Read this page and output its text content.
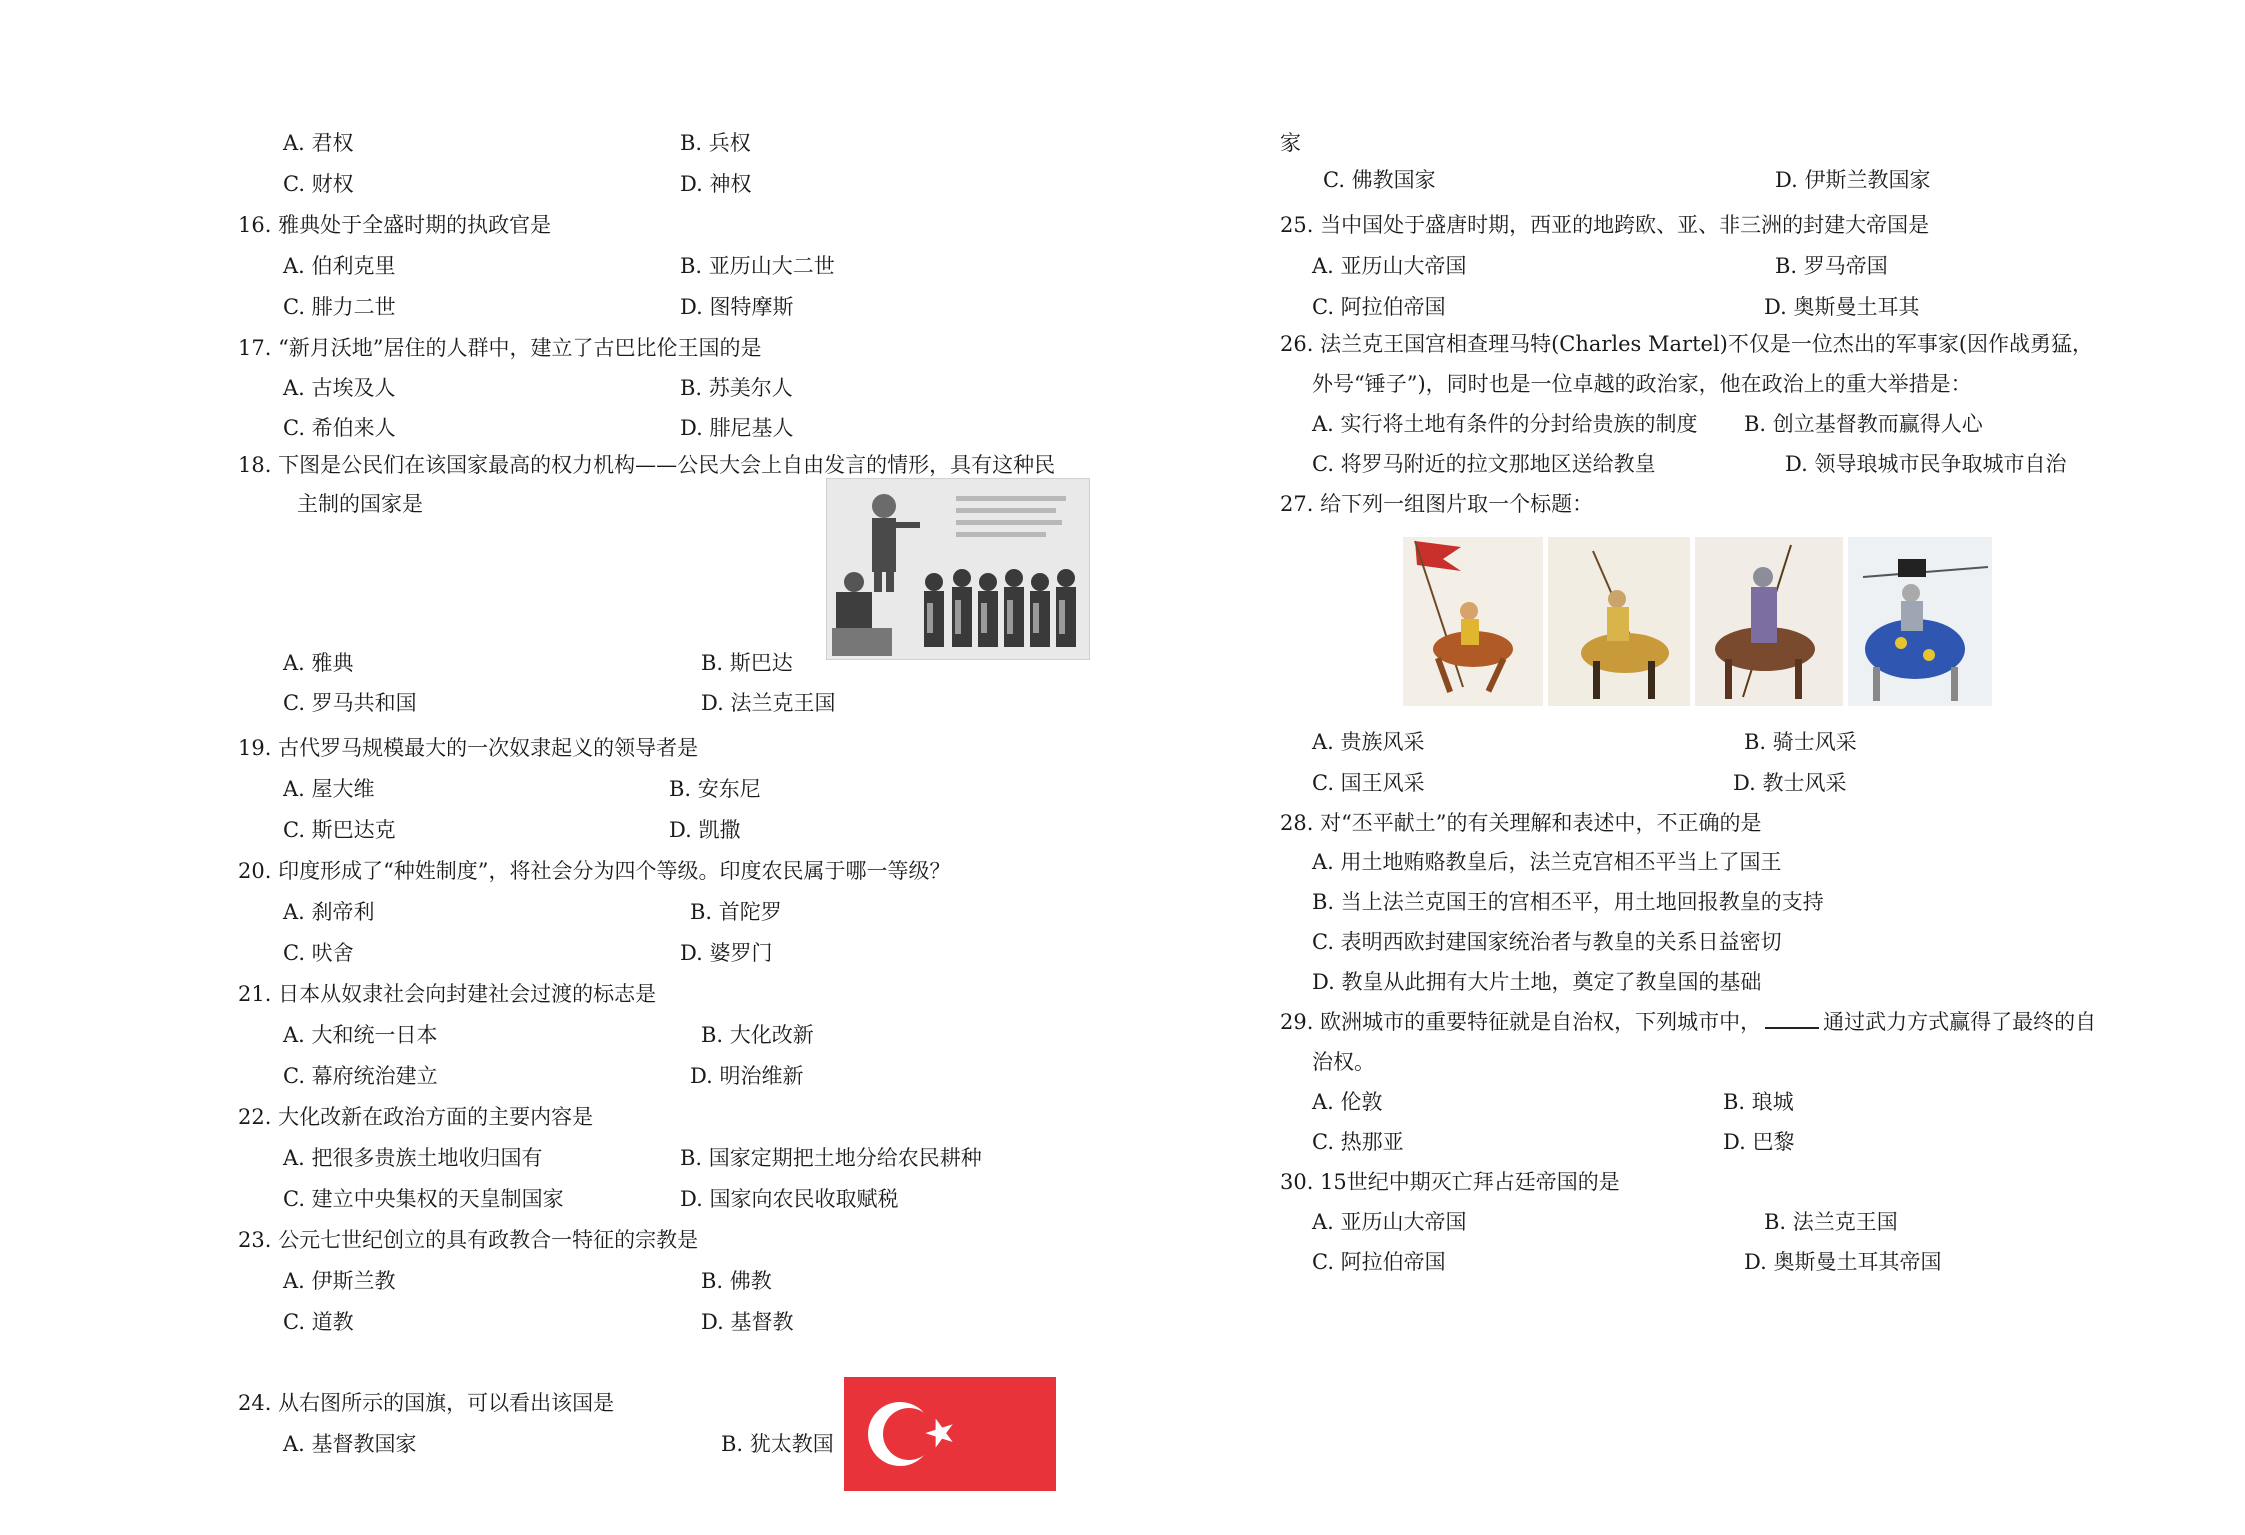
A. 君权	B. 兵权
C. 财权	D. 神权
16. 雅典处于全盛时期的执政官是
A. 伯利克里	B. 亚历山大二世
C. 腓力二世	D. 图特摩斯
17. “新月沃地”居住的人群中，建立了古巴比伦王国的是
A. 古埃及人	B. 苏美尔人
C. 希伯来人	D. 腓尼基人
18. 下图是公民们在该国家最高的权力机构——公民大会上自由发言的情形，具有这种民
主制的国家是
A. 雅典	B. 斯巴达
C. 罗马共和国	D. 法兰克王国
19. 古代罗马规模最大的一次奴隶起义的领导者是
A. 屋大维	B. 安东尼
C. 斯巴达克	D. 凯撒
20. 印度形成了“种姓制度”，将社会分为四个等级。印度农民属于哪一等级？
A. 刹帝利	B. 首陀罗
C. 吠舍	D. 婆罗门
21. 日本从奴隶社会向封建社会过渡的标志是
A. 大和统一日本	B. 大化改新
C. 幕府统治建立	D. 明治维新
22. 大化改新在政治方面的主要内容是
A. 把很多贵族土地收归国有	B. 国家定期把土地分给农民耕种
C. 建立中央集权的天皇制国家	D. 国家向农民收取赋税
23. 公元七世纪创立的具有政教合一特征的宗教是
A. 伊斯兰教	B. 佛教
C. 道教	D. 基督教
24. 从右图所示的国旗，可以看出该国是
A. 基督教国家	B. 犹太教国
家
C. 佛教国家	D. 伊斯兰教国家
25. 当中国处于盛唐时期，西亚的地跨欧、亚、非三洲的封建大帝国是
A. 亚历山大帝国	B. 罗马帝国
C. 阿拉伯帝国	D. 奥斯曼土耳其
26. 法兰克王国宫相查理马特(Charles Martel)不仅是一位杰出的军事家(因作战勇猛，
外号“锤子”)，同时也是一位卓越的政治家，他在政治上的重大举措是：
A. 实行将土地有条件的分封给贵族的制度 B. 创立基督教而赢得人心
C. 将罗马附近的拉文那地区送给教皇	D. 领导琅城市民争取城市自治
27. 给下列一组图片取一个标题：
A. 贵族风采	B. 骑士风采
C. 国王风采	D. 教士风采
28. 对“丕平献土”的有关理解和表述中，不正确的是
A. 用土地贿赂教皇后，法兰克宫相丕平当上了国王
B. 当上法兰克国王的宫相丕平，用土地回报教皇的支持
C. 表明西欧封建国家统治者与教皇的关系日益密切
D. 教皇从此拥有大片土地，奠定了教皇国的基础
29. 欧洲城市的重要特征就是自治权，下列城市中，	通过武力方式赢得了最终的自
治权。
A. 伦敦	B. 琅城
C. 热那亚	D. 巴黎
30. 15世纪中期灭亡拜占廷帝国的是
A. 亚历山大帝国	B. 法兰克王国
C. 阿拉伯帝国	D. 奥斯曼土耳其帝国
